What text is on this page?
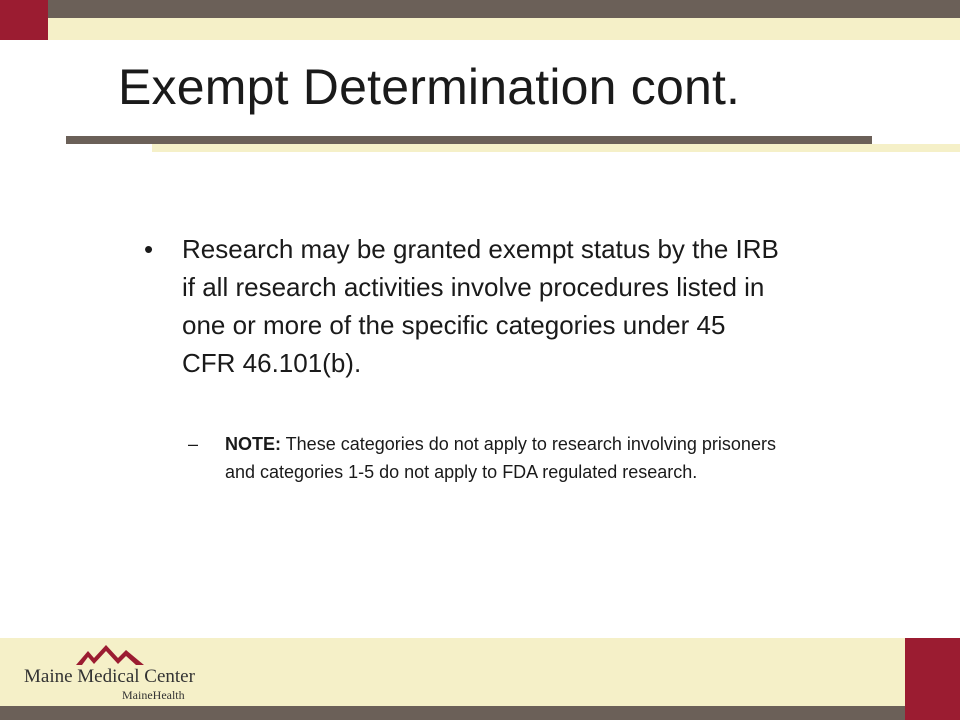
Exempt Determination cont.
• Research may be granted exempt status by the IRB if all research activities involve procedures listed in one or more of the specific categories under 45 CFR 46.101(b).
– NOTE: These categories do not apply to research involving prisoners and categories 1-5 do not apply to FDA regulated research.
Maine Medical Center
MaineHealth
